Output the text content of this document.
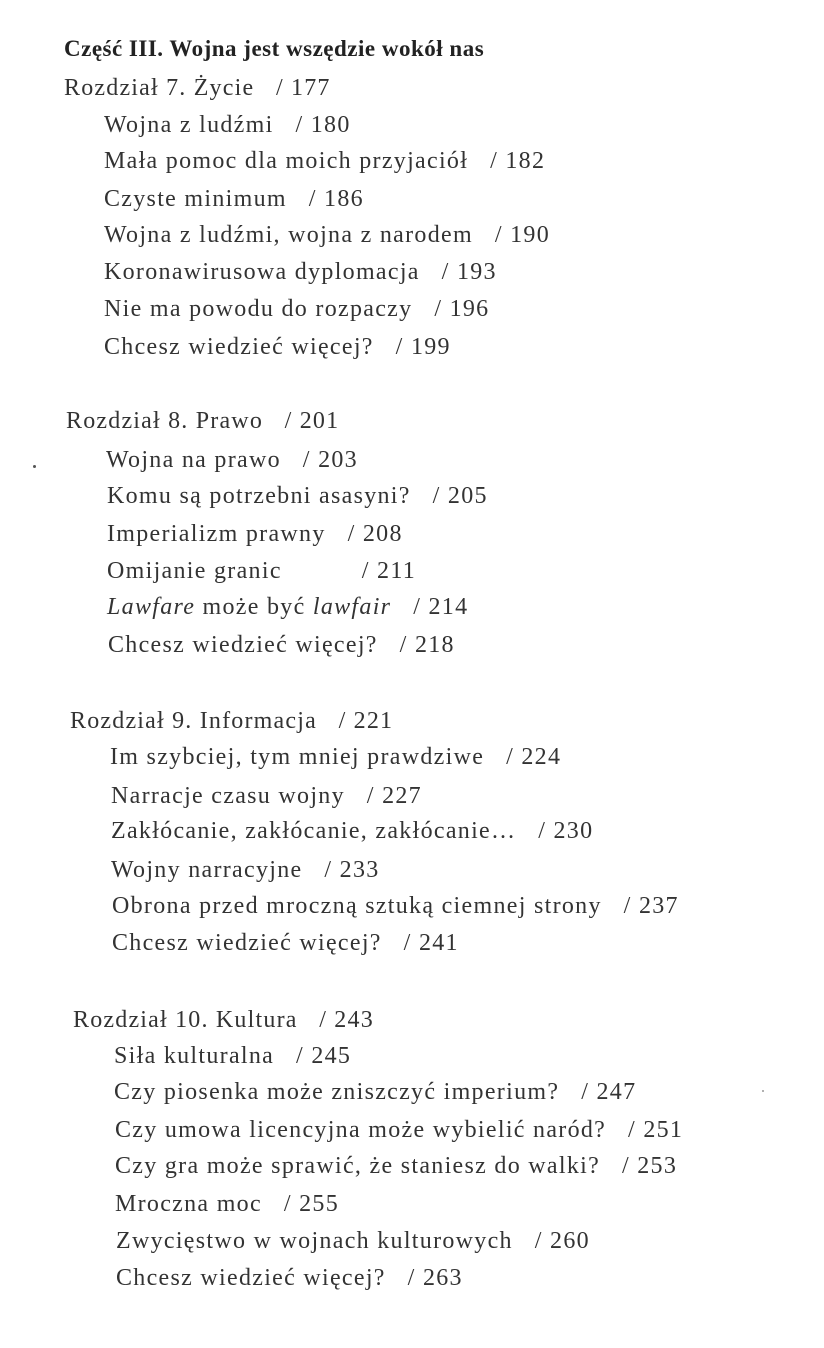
Część III. Wojna jest wszędzie wokół nas
Rozdział 7. Życie / 177
Wojna z ludźmi / 180
Mała pomoc dla moich przyjaciół / 182
Czyste minimum / 186
Wojna z ludźmi, wojna z narodem / 190
Koronawirusowa dyplomacja / 193
Nie ma powodu do rozpaczy / 196
Chcesz wiedzieć więcej? / 199
Rozdział 8. Prawo / 201
Wojna na prawo / 203
Komu są potrzebni asasyni? / 205
Imperializm prawny / 208
Omijanie granic	/ 211
Lawfare może być lawfair / 214
Chcesz wiedzieć więcej? / 218
Rozdział 9. Informacja / 221
Im szybciej, tym mniej prawdziwe / 224
Narracje czasu wojny / 227
Zakłócanie, zakłócanie, zakłócanie… / 230
Wojny narracyjne / 233
Obrona przed mroczną sztuką ciemnej strony / 237
Chcesz wiedzieć więcej? / 241
Rozdział 10. Kultura / 243
Siła kulturalna / 245
Czy piosenka może zniszczyć imperium? / 247
Czy umowa licencyjna może wybielić naród? / 251
Czy gra może sprawić, że staniesz do walki? / 253
Mroczna moc / 255
Zwycięstwo w wojnach kulturowych / 260
Chcesz wiedzieć więcej? / 263
